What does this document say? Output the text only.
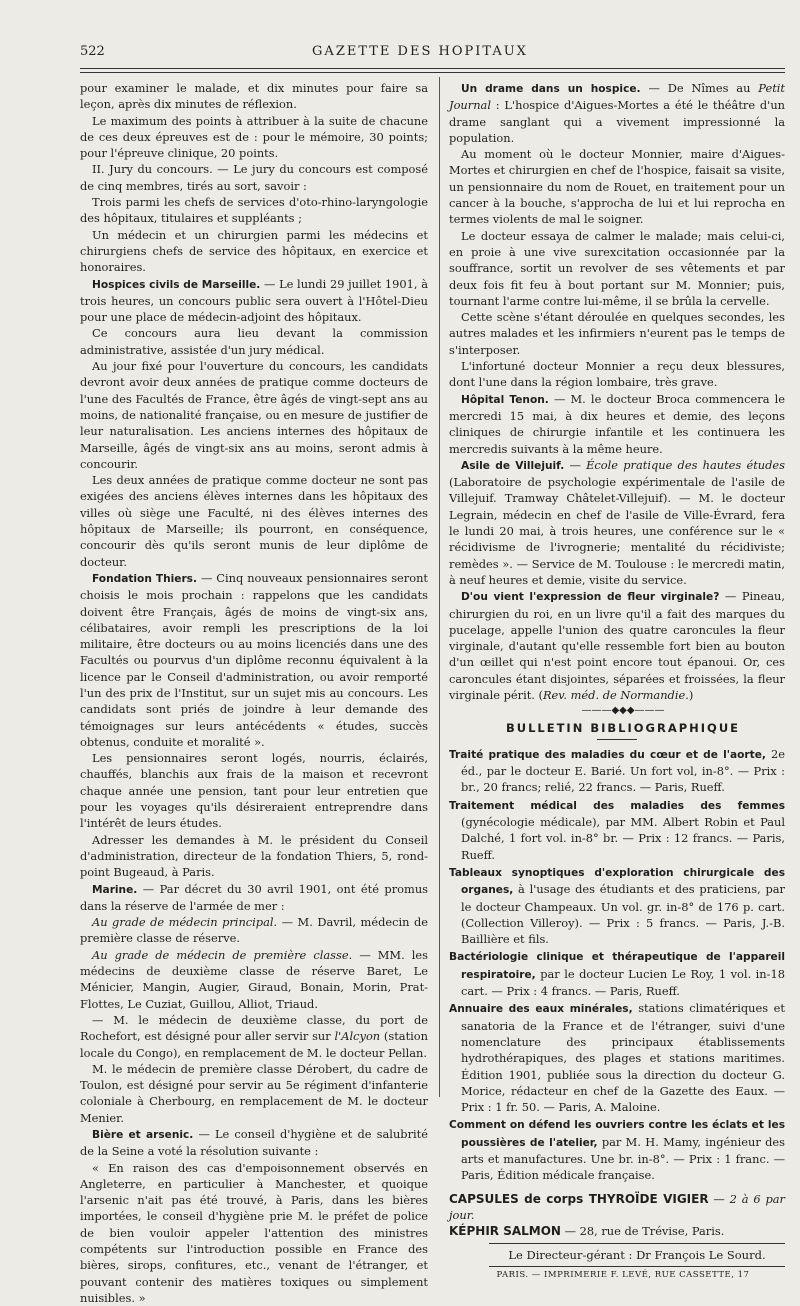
522	GAZETTE DES HOPITAUX

pour examiner le malade, et dix minutes pour faire sa leçon, après dix minutes de réflexion.

Le maximum des points à attribuer à la suite de chacune de ces deux épreuves est de : pour le mémoire, 30 points; pour l'épreuve clinique, 20 points.

II. Jury du concours. — Le jury du concours est composé de cinq membres, tirés au sort, savoir :

Trois parmi les chefs de services d'oto-rhino-laryngologie des hôpitaux, titulaires et suppléants ;

Un médecin et un chirurgien parmi les médecins et chirurgiens chefs de service des hôpitaux, en exercice et honoraires.

Hospices civils de Marseille. — Le lundi 29 juillet 1901, à trois heures, un concours public sera ouvert à l'Hôtel-Dieu pour une place de médecin-adjoint des hôpitaux.

Ce concours aura lieu devant la commission administrative, assistée d'un jury médical.

Au jour fixé pour l'ouverture du concours, les candidats devront avoir deux années de pratique comme docteurs de l'une des Facultés de France, être âgés de vingt-sept ans au moins, de nationalité française, ou en mesure de justifier de leur naturalisation. Les anciens internes des hôpitaux de Marseille, âgés de vingt-six ans au moins, seront admis à concourir.

Les deux années de pratique comme docteur ne sont pas exigées des anciens élèves internes dans les hôpitaux des villes où siège une Faculté, ni des élèves internes des hôpitaux de Marseille; ils pourront, en conséquence, concourir dès qu'ils seront munis de leur diplôme de docteur.

Fondation Thiers. — Cinq nouveaux pensionnaires seront choisis le mois prochain : rappelons que les candidats doivent être Français, âgés de moins de vingt-six ans, célibataires, avoir rempli les prescriptions de la loi militaire, être docteurs ou au moins licenciés dans une des Facultés ou pourvus d'un diplôme reconnu équivalent à la licence par le Conseil d'administration, ou avoir remporté l'un des prix de l'Institut, sur un sujet mis au concours. Les candidats sont priés de joindre à leur demande des témoignages sur leurs antécédents « études, succès obtenus, conduite et moralité ».

Les pensionnaires seront logés, nourris, éclairés, chauffés, blanchis aux frais de la maison et recevront chaque année une pension, tant pour leur entretien que pour les voyages qu'ils désireraient entreprendre dans l'intérêt de leurs études.

Adresser les demandes à M. le président du Conseil d'administration, directeur de la fondation Thiers, 5, rond-point Bugeaud, à Paris.

Marine. — Par décret du 30 avril 1901, ont été promus dans la réserve de l'armée de mer :

Au grade de médecin principal. — M. Davril, médecin de première classe de réserve.

Au grade de médecin de première classe. — MM. les médecins de deuxième classe de réserve Baret, Le Ménicier, Mangin, Augier, Giraud, Bonain, Morin, Prat-Flottes, Le Cuziat, Guillou, Alliot, Triaud.

— M. le médecin de deuxième classe, du port de Rochefort, est désigné pour aller servir sur l'Alcyon (station locale du Congo), en remplacement de M. le docteur Pellan.

M. le médecin de première classe Dérobert, du cadre de Toulon, est désigné pour servir au 5e régiment d'infanterie coloniale à Cherbourg, en remplacement de M. le docteur Menier.

Bière et arsenic. — Le conseil d'hygiène et de salubrité de la Seine a voté la résolution suivante :

« En raison des cas d'empoisonnement observés en Angleterre, en particulier à Manchester, et quoique l'arsenic n'ait pas été trouvé, à Paris, dans les bières importées, le conseil d'hygiène prie M. le préfet de police de bien vouloir appeler l'attention des ministres compétents sur l'introduction possible en France des bières, sirops, confitures, etc., venant de l'étranger, et pouvant contenir des matières toxiques ou simplement nuisibles. »

Un drame dans un hospice. — De Nîmes au Petit Journal : L'hospice d'Aigues-Mortes a été le théâtre d'un drame sanglant qui a vivement impressionné la population.

Au moment où le docteur Monnier, maire d'Aigues-Mortes et chirurgien en chef de l'hospice, faisait sa visite, un pensionnaire du nom de Rouet, en traitement pour un cancer à la bouche, s'approcha de lui et lui reprocha en termes violents de mal le soigner.

Le docteur essaya de calmer le malade; mais celui-ci, en proie à une vive surexcitation occasionnée par la souffrance, sortit un revolver de ses vêtements et par deux fois fit feu à bout portant sur M. Monnier; puis, tournant l'arme contre lui-même, il se brûla la cervelle.

Cette scène s'étant déroulée en quelques secondes, les autres malades et les infirmiers n'eurent pas le temps de s'interposer.

L'infortuné docteur Monnier a reçu deux blessures, dont l'une dans la région lombaire, très grave.

Hôpital Tenon. — M. le docteur Broca commencera le mercredi 15 mai, à dix heures et demie, des leçons cliniques de chirurgie infantile et les continuera les mercredis suivants à la même heure.

Asile de Villejuif. — École pratique des hautes études (Laboratoire de psychologie expérimentale de l'asile de Villejuif. Tramway Châtelet-Villejuif). — M. le docteur Legrain, médecin en chef de l'asile de Ville-Évrard, fera le lundi 20 mai, à trois heures, une conférence sur le « récidivisme de l'ivrognerie; mentalité du récidiviste; remèdes ». — Service de M. Toulouse : le mercredi matin, à neuf heures et demie, visite du service.

D'ou vient l'expression de fleur virginale? — Pineau, chirurgien du roi, en un livre qu'il a fait des marques du pucelage, appelle l'union des quatre caroncules la fleur virginale, d'autant qu'elle ressemble fort bien au bouton d'un œillet qui n'est point encore tout épanoui. Or, ces caroncules étant disjointes, séparées et froissées, la fleur virginale périt. (Rev. méd. de Normandie.)

———◆◆◆———

BULLETIN BIBLIOGRAPHIQUE

Traité pratique des maladies du cœur et de l'aorte, 2e éd., par le docteur E. Barié. Un fort vol, in-8°. — Prix : br., 20 francs; relié, 22 francs. — Paris, Rueff.

Traitement médical des maladies des femmes (gynécologie médicale), par MM. Albert Robin et Paul Dalché, 1 fort vol. in-8° br. — Prix : 12 francs. — Paris, Rueff.

Tableaux synoptiques d'exploration chirurgicale des organes, à l'usage des étudiants et des praticiens, par le docteur Champeaux. Un vol. gr. in-8° de 176 p. cart. (Collection Villeroy). — Prix : 5 francs. — Paris, J.-B. Baillière et fils.

Bactériologie clinique et thérapeutique de l'appareil respiratoire, par le docteur Lucien Le Roy, 1 vol. in-18 cart. — Prix : 4 francs. — Paris, Rueff.

Annuaire des eaux minérales, stations climatériques et sanatoria de la France et de l'étranger, suivi d'une nomenclature des principaux établissements hydrothérapiques, des plages et stations maritimes. Édition 1901, publiée sous la direction du docteur G. Morice, rédacteur en chef de la Gazette des Eaux. — Prix : 1 fr. 50. — Paris, A. Maloine.

Comment on défend les ouvriers contre les éclats et les poussières de l'atelier, par M. H. Mamy, ingénieur des arts et manufactures. Une br. in-8°. — Prix : 1 franc. — Paris, Édition médicale française.

CAPSULES de corps THYROÏDE VIGIER — 2 à 6 par jour.

KÉPHIR SALMON — 28, rue de Trévise, Paris.

Le Directeur-gérant : Dr François Le Sourd.

PARIS. — IMPRIMERIE F. LEVÉ, RUE CASSETTE, 17
